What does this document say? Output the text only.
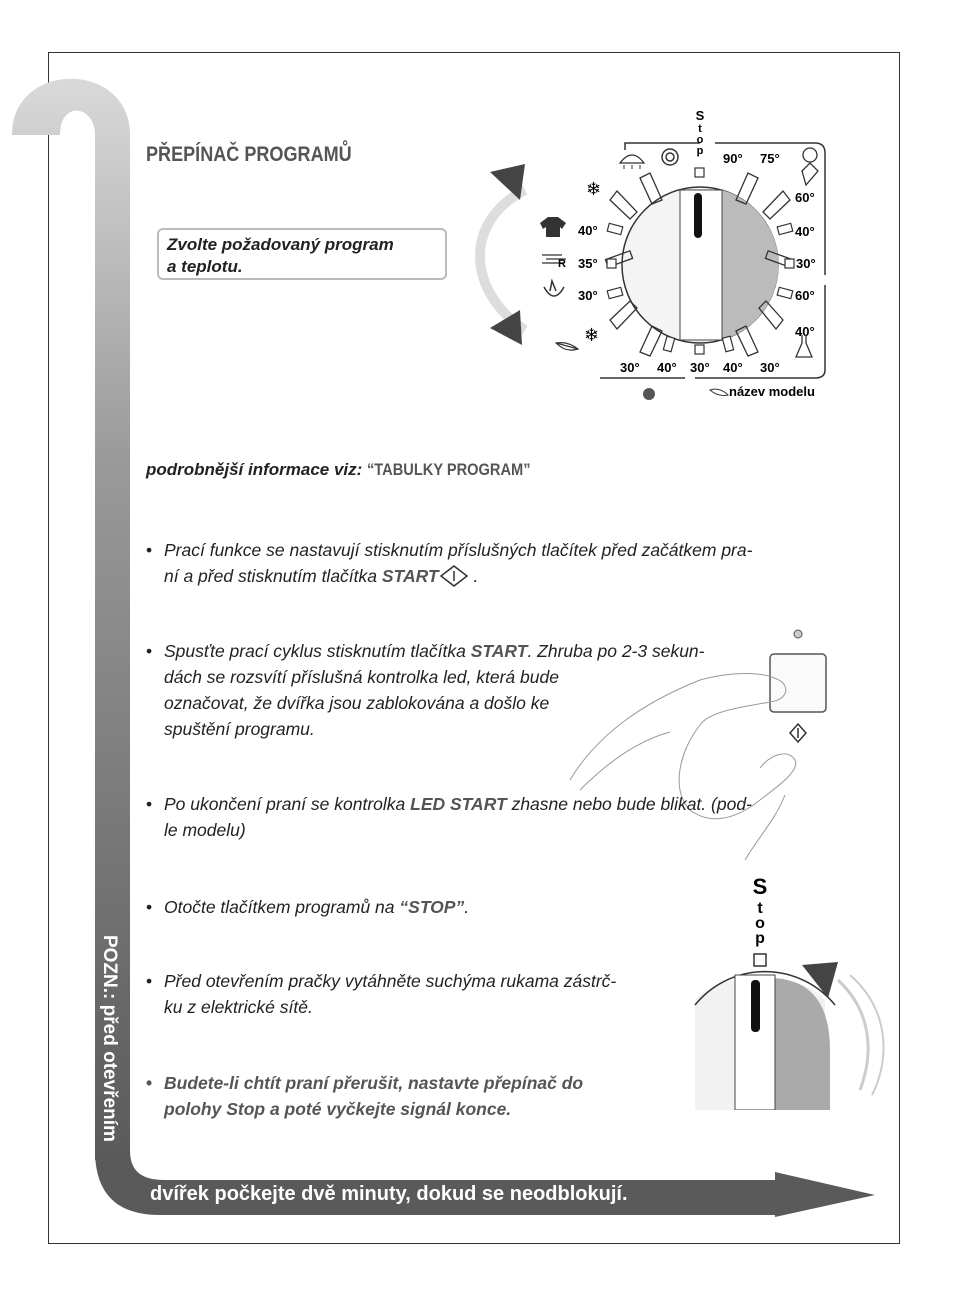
POZN.: před otevřením
dvířek počkejte dvě minuty, dokud se neodblokují.
PŘEPÍNAČ PROGRAMŮ
Zvolte požadovaný program
a teplotu.
S
t
o
p 90° 75°
60°
40°
30°
60°
40°
40°
35°
30°
30° 40° 30° 40° 30°
❄
❄
R
název modelu
podrobnější informace viz: “TABULKY PROGRAM”
• Prací funkce se nastavují stisknutím příslušných tlačítek před začátkem pra-
ní a před stisknutím tlačítka START .
• Spusťte prací cyklus stisknutím tlačítka START. Zhruba po 2-3 sekun-
dách se rozsvítí příslušná kontrolka led, která bude
označovat, že dvířka jsou zablokována a došlo ke
spuštění programu.
• Po ukončení praní se kontrolka LED START zhasne nebo bude blikat. (pod-
le modelu)
• Otočte tlačítkem programů na “STOP”.
• Před otevřením pračky vytáhněte suchýma rukama zástrč-
ku z elektrické sítě.
• Budete-li chtít praní přerušit, nastavte přepínač do
polohy Stop a poté vyčkejte signál konce.
S
t
o
p
